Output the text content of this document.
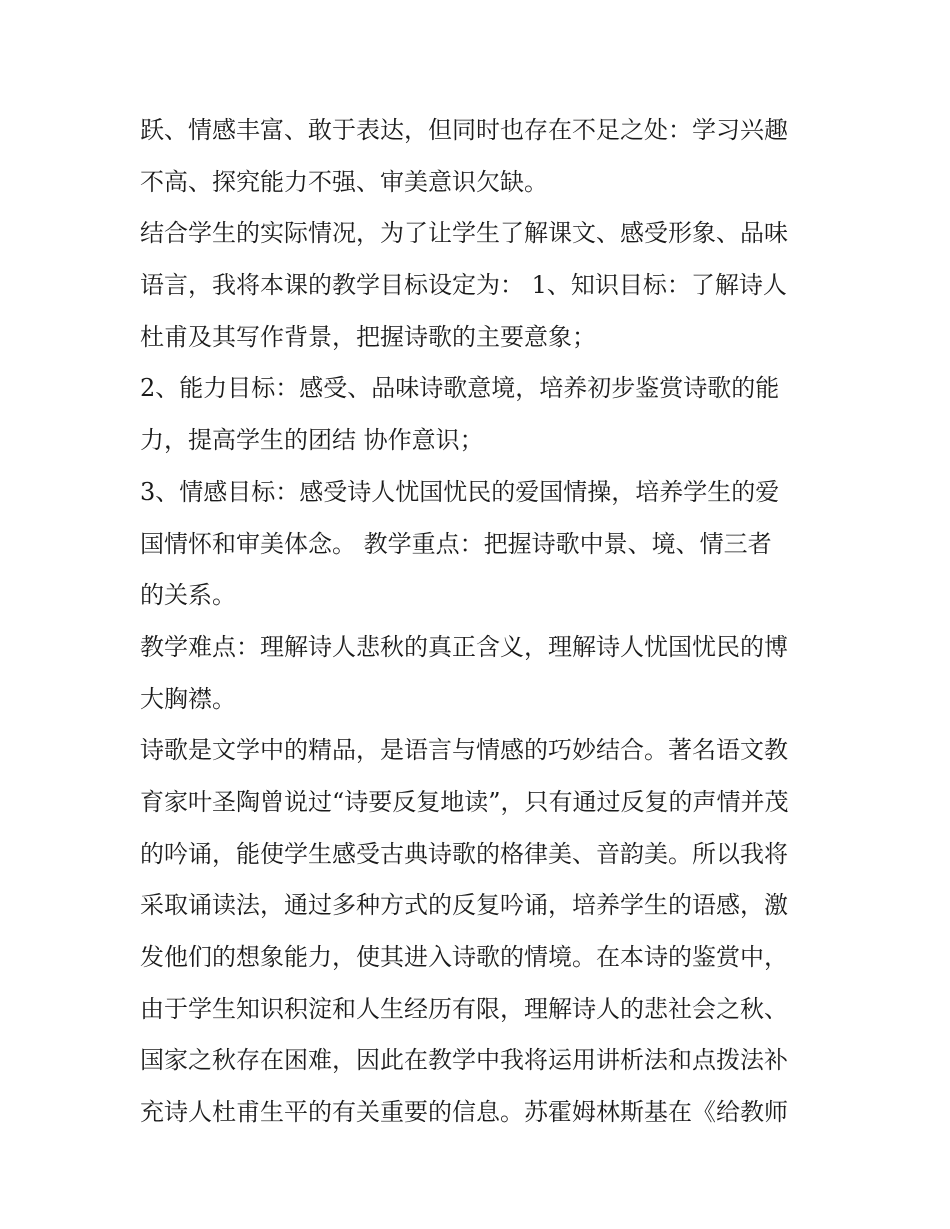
跃、情感丰富、敢于表达，但同时也存在不足之处：学习兴趣
不高、探究能力不强、审美意识欠缺。
结合学生的实际情况，为了让学生了解课文、感受形象、品味
语言，我将本课的教学目标设定为： 1、知识目标：了解诗人
杜甫及其写作背景，把握诗歌的主要意象；
2、能力目标：感受、品味诗歌意境，培养初步鉴赏诗歌的能
力，提高学生的团结 协作意识；
3、情感目标：感受诗人忧国忧民的爱国情操，培养学生的爱
国情怀和审美体念。 教学重点：把握诗歌中景、境、情三者
的关系。
教学难点：理解诗人悲秋的真正含义，理解诗人忧国忧民的博
大胸襟。
诗歌是文学中的精品，是语言与情感的巧妙结合。著名语文教
育家叶圣陶曾说过“诗要反复地读”，只有通过反复的声情并茂
的吟诵，能使学生感受古典诗歌的格律美、音韵美。所以我将
采取诵读法，通过多种方式的反复吟诵，培养学生的语感，激
发他们的想象能力，使其进入诗歌的情境。在本诗的鉴赏中，
由于学生知识积淀和人生经历有限，理解诗人的悲社会之秋、
国家之秋存在困难，因此在教学中我将运用讲析法和点拨法补
充诗人杜甫生平的有关重要的信息。苏霍姆林斯基在《给教师
